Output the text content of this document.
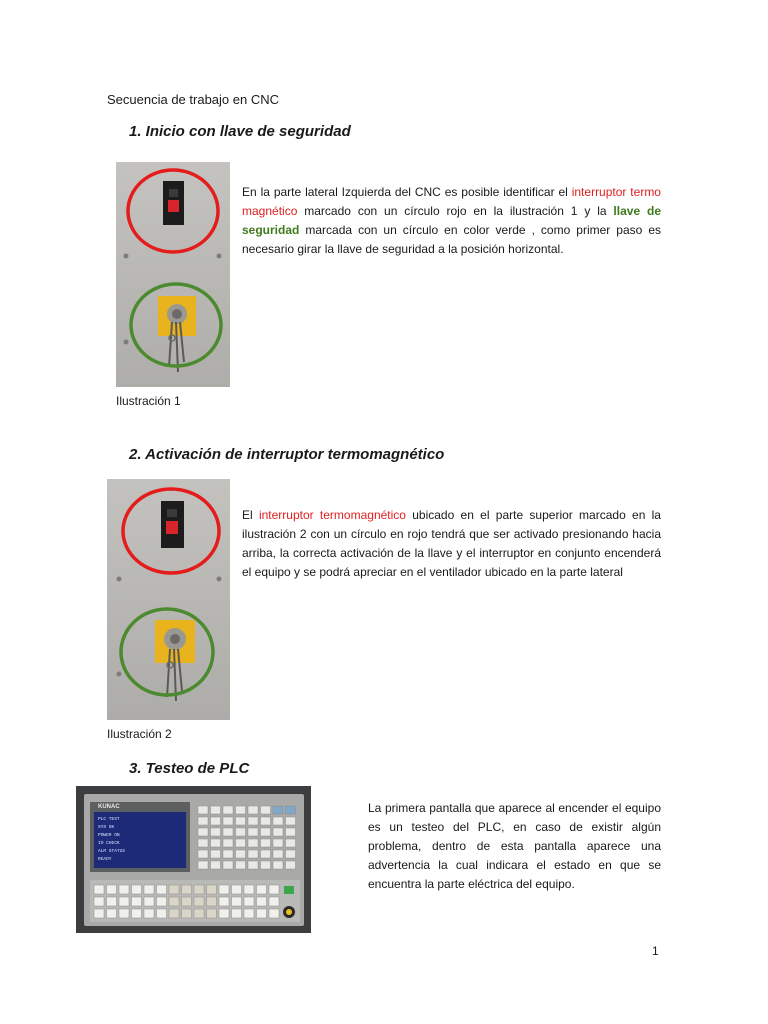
Secuencia de trabajo en CNC
1. Inicio con llave de seguridad
Ilustración 1

En la parte lateral Izquierda del CNC es posible identificar el interruptor termo magnético marcado con un círculo rojo en la ilustración 1 y la llave de seguridad marcada con un círculo en color verde , como primer paso es necesario girar la llave de seguridad a la posición horizontal.

2. Activación de interruptor termomagnético
Ilustración 2

El interruptor termomagnético ubicado en el parte superior marcado en la ilustración 2 con un círculo en rojo tendrá que ser activado presionando hacia arriba, la correcta activación de la llave y el interruptor en conjunto encenderá el equipo y se podrá apreciar en el ventilador ubicado en la parte lateral

3. Testeo de PLC
KUNAC
PLC TEST
SYS OK
POWER ON
IO CHECK
ALM STATUS
READY

La primera pantalla que aparece al encender el equipo es un testeo del PLC, en caso de existir algún problema, dentro de esta pantalla aparece una advertencia la cual indicara el estado en que se encuentra la parte eléctrica del equipo.

1
